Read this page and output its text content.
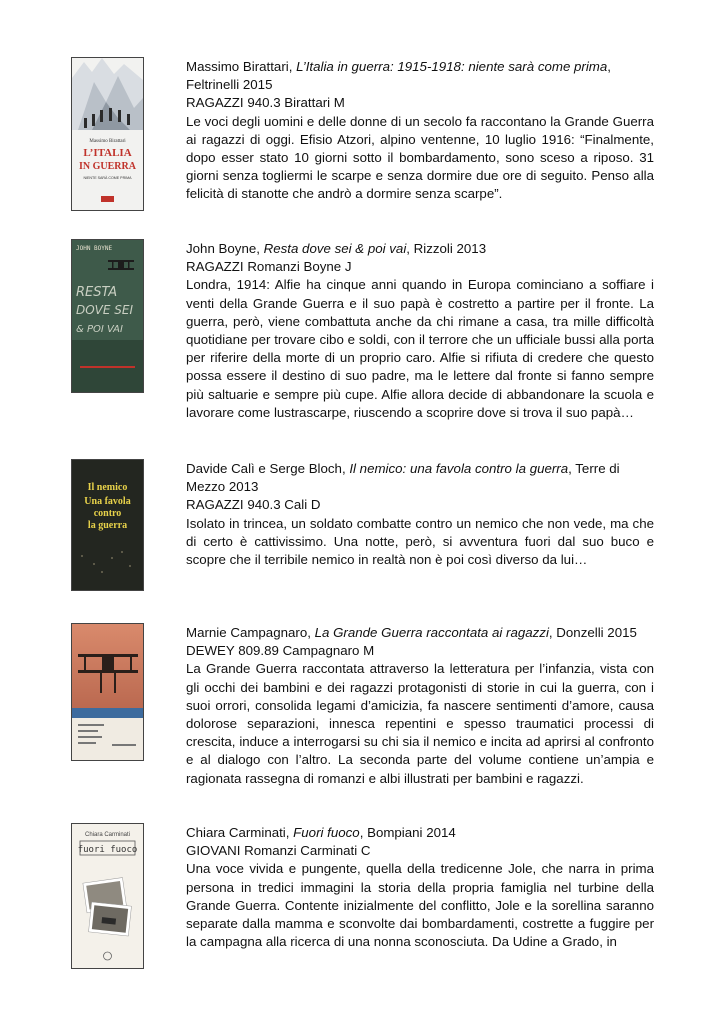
Massimo Birattari
L’ITALIA
IN GUERRA
NIENTE SARÀ COME PRIMA

Massimo Birattari, L’Italia in guerra: 1915-1918: niente sarà come prima, Feltrinelli 2015

RAGAZZI 940.3 Birattari M

Le voci degli uomini e delle donne di un secolo fa raccontano la Grande Guerra ai ragazzi di oggi. Efisio Atzori, alpino ventenne, 10 luglio 1916: “Finalmente, dopo esser stato 10 giorni sotto il bombardamento, sono sceso a riposo. 31 giorni senza togliermi le scarpe e senza dormire due ore di seguito. Penso alla felicità di stanotte che andrò a dormire senza scarpe”.

JOHN BOYNE
RESTA
DOVE SEI
& POI VAI

John Boyne, Resta dove sei & poi vai, Rizzoli 2013

RAGAZZI Romanzi Boyne J

Londra, 1914: Alfie ha cinque anni quando in Europa cominciano a soffiare i venti della Grande Guerra e il suo papà è costretto a partire per il fronte. La guerra, però, viene combattuta anche da chi rimane a casa, tra mille difficoltà quotidiane per trovare cibo e soldi, con il terrore che un ufficiale bussi alla porta per riferire della morte di un proprio caro. Alfie si rifiuta di credere che questo possa essere il destino di suo padre, ma le lettere dal fronte si fanno sempre più saltuarie e sempre più cupe. Alfie allora decide di abbandonare la scuola e lavorare come lustrascarpe, riuscendo a scoprire dove si trova il suo papà…

Il nemico
Una favola
contro
la guerra

Davide Calì e Serge Bloch, Il nemico: una favola contro la guerra, Terre di Mezzo 2013

RAGAZZI 940.3 Cali D

Isolato in trincea, un soldato combatte contro un nemico che non vede, ma che di certo è cattivissimo. Una notte, però, si avventura fuori dal suo buco e scopre che il terribile nemico in realtà non è poi così diverso da lui…

Marnie Campagnaro, La Grande Guerra raccontata ai ragazzi, Donzelli 2015

DEWEY 809.89 Campagnaro M

La Grande Guerra raccontata attraverso la letteratura per l’infanzia, vista con gli occhi dei bambini e dei ragazzi protagonisti di storie in cui la guerra, con i suoi orrori, consolida legami d’amicizia, fa nascere sentimenti d’amore, causa dolorose separazioni, innesca repentini e spesso traumatici processi di crescita, induce a interrogarsi su chi sia il nemico e incita ad aprirsi al confronto e al dialogo con l’altro. La seconda parte del volume contiene un’ampia e ragionata rassegna di romanzi e albi illustrati per bambini e ragazzi.

Chiara Carminati
fuori fuoco

Chiara Carminati, Fuori fuoco, Bompiani 2014

GIOVANI Romanzi Carminati C

Una voce vivida e pungente, quella della tredicenne Jole, che narra in prima persona in tredici immagini la storia della propria famiglia nel turbine della Grande Guerra. Contente inizialmente del conflitto, Jole e la sorellina saranno separate dalla mamma e sconvolte dai bombardamenti, costrette a fuggire per la campagna alla ricerca di una nonna sconosciuta. Da Udine a Grado, in
